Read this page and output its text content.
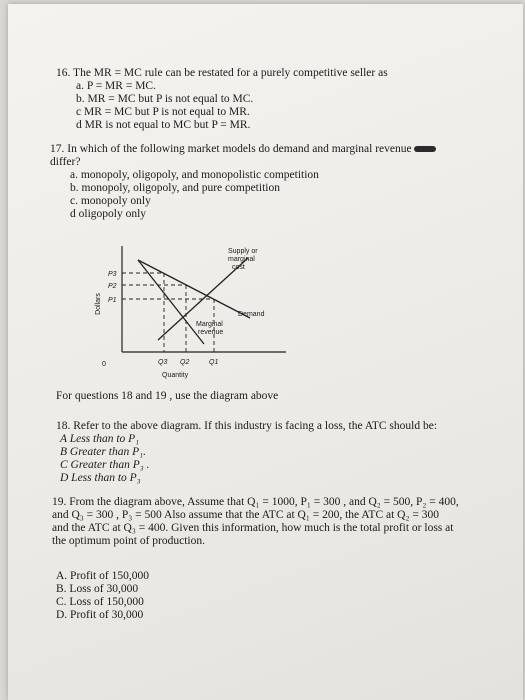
16. The MR = MC rule can be restated for a purely competitive seller as

a. P = MR = MC.

b. MR = MC but P is not equal to MC.

c MR = MC but P is not equal to MR.

d MR is not equal to MC but P = MR.

17. In which of the following market models do demand and marginal revenue

differ?

a. monopoly, oligopoly, and monopolistic competition

b. monopoly, oligopoly, and pure competition

c. monopoly only

d oligopoly only

Supply or
marginal
cost
Demand
Marginal
revenue
P3
P2
P1
Dollars
0	Q3 Q2	Q1
Quantity

For questions 18 and 19 , use the diagram above

18. Refer to the above diagram. If this industry is facing a loss, the ATC should be:

A Less than to P₁

B Greater than P₁.

C Greater than P₃ .

D Less than to P₃

19. From the diagram above, Assume that Q₁ = 1000, P₁ = 300 , and Q₂ = 500, P₂ = 400,

and Q₃ = 300 , P₃ = 500 Also assume that the ATC at Q₁ = 200, the ATC at Q₂ = 300

and the ATC at Q₃ = 400. Given this information, how much is the total profit or loss at

the optimum point of production.

A. Profit of 150,000

B. Loss of 30,000

C. Loss of 150,000

D. Profit of 30,000
